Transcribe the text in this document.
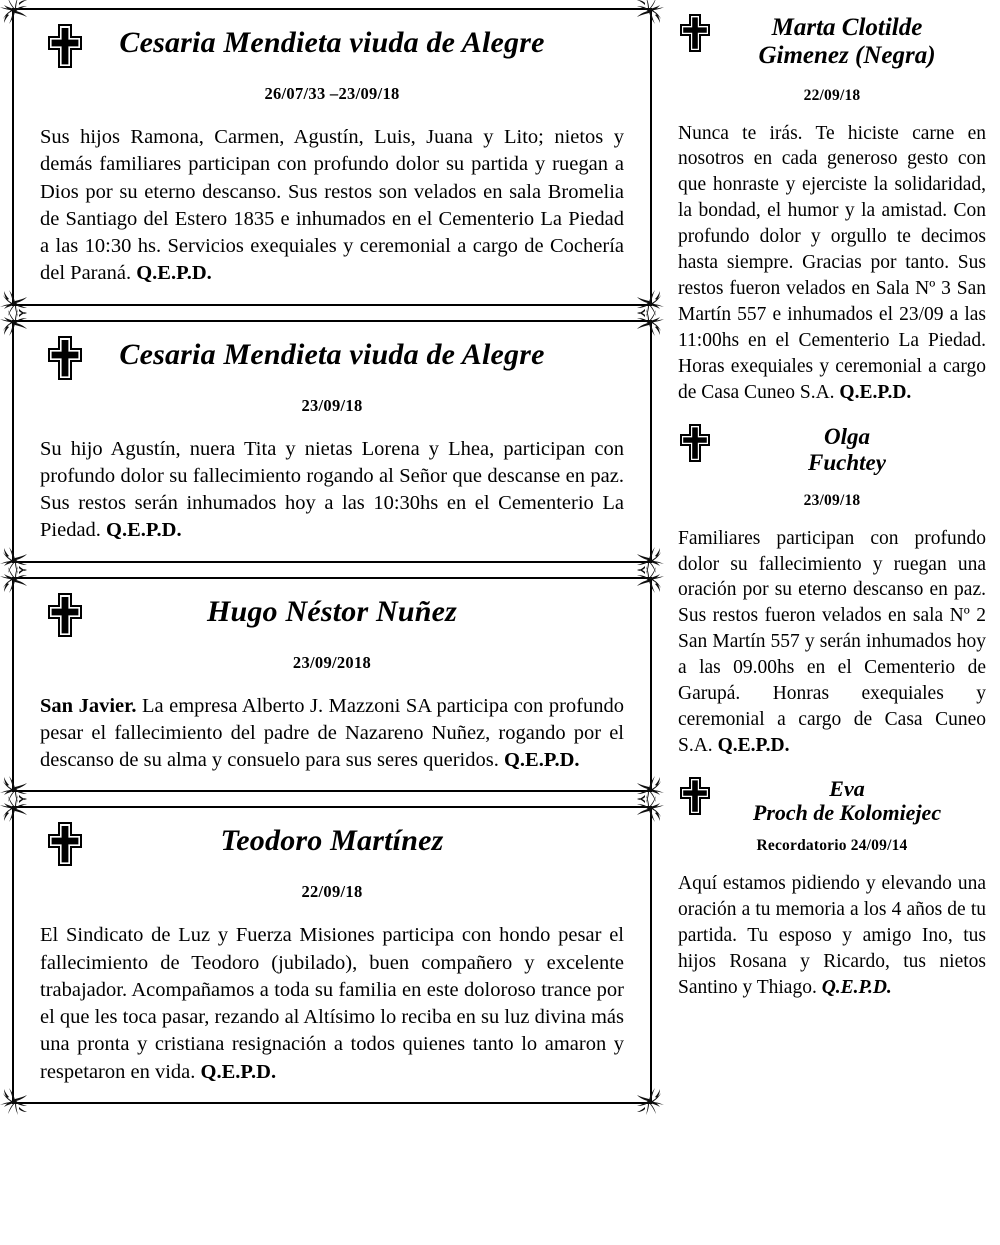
Cesaria Mendieta viuda de Alegre
26/07/33 –23/09/18
Sus hijos Ramona, Carmen, Agustín, Luis, Juana y Lito; nietos y demás familiares participan con profundo dolor su partida y ruegan a Dios por su eterno descanso. Sus restos son velados en sala Bromelia de Santiago del Estero 1835 e inhumados en el Cementerio La Piedad a las 10:30 hs. Servicios exequiales y ceremonial a cargo de Cochería del Paraná. Q.E.P.D.
Cesaria Mendieta viuda de Alegre
23/09/18
Su hijo Agustín, nuera Tita y nietas Lorena y Lhea, participan con profundo dolor su fallecimiento rogando al Señor que descanse en paz. Sus restos serán inhumados hoy a las 10:30hs en el Cementerio La Piedad. Q.E.P.D.
Hugo Néstor Nuñez
23/09/2018
San Javier. La empresa Alberto J. Mazzoni SA participa con profundo pesar el fallecimiento del padre de Nazareno Nuñez, rogando por el descanso de su alma y consuelo para sus seres queridos. Q.E.P.D.
Teodoro Martínez
22/09/18
El Sindicato de Luz y Fuerza Misiones participa con hondo pesar el fallecimiento de Teodoro (jubilado), buen compañero y excelente trabajador. Acompañamos a toda su familia en este doloroso trance por el que les toca pasar, rezando al Altísimo lo reciba en su luz divina más una pronta y cristiana resignación a todos quienes tanto lo amaron y respetaron en vida. Q.E.P.D.
Marta Clotilde
Gimenez (Negra)
22/09/18
Nunca te irás. Te hiciste carne en nosotros en cada generoso gesto con que honraste y ejerciste la solidaridad, la bondad, el humor y la amistad. Con profundo dolor y orgullo te decimos hasta siempre. Gracias por tanto. Sus restos fueron velados en Sala Nº 3 San Martín 557 e inhumados el 23/09 a las 11:00hs en el Cementerio La Piedad. Horas exequiales y ceremonial a cargo de Casa Cuneo S.A. Q.E.P.D.
Olga
Fuchtey
23/09/18
Familiares participan con profundo dolor su fallecimiento y ruegan una oración por su eterno descanso en paz. Sus restos fueron velados en sala Nº 2 San Martín 557 y serán inhumados hoy a las 09.00hs en el Cementerio de Garupá. Honras exequiales y ceremonial a cargo de Casa Cuneo S.A. Q.E.P.D.
Eva
Proch de Kolomiejec
Recordatorio 24/09/14
Aquí estamos pidiendo y elevando una oración a tu memoria a los 4 años de tu partida. Tu esposo y amigo Ino, tus hijos Rosana y Ricardo, tus nietos Santino y Thiago. Q.E.P.D.
